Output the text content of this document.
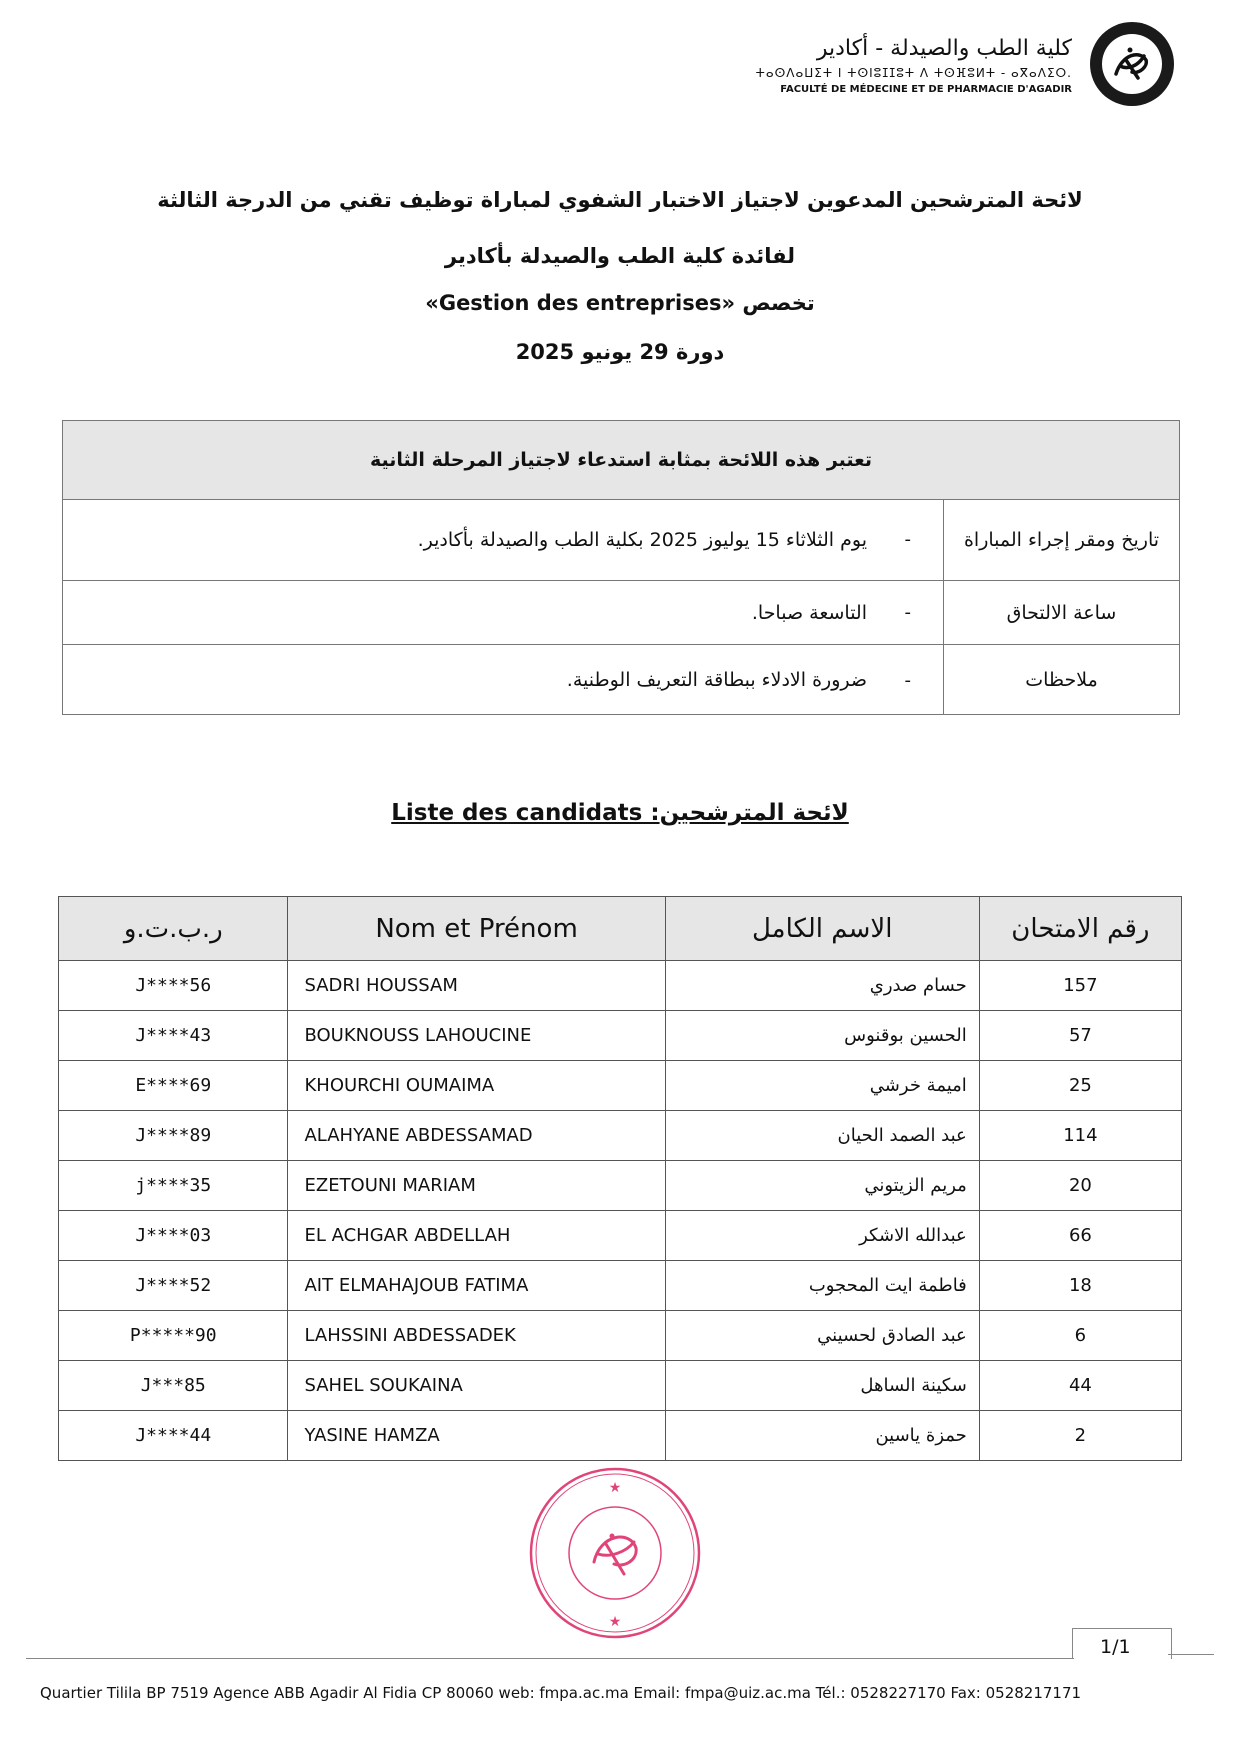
كلية الطب والصيدلة - أكادير
ⵜⴰⵙⴷⴰⵡⵉⵜ ⵏ ⵜⵙⵏⵓⵊⵊⵓⵜ ⴷ ⵜⵙⴼⵓⵍⵜ - ⴰⴳⴰⴷⵉⵔ.
FACULTÉ DE MÉDECINE ET DE PHARMACIE D'AGADIR
لائحة المترشحين المدعوين لاجتياز الاختبار الشفوي لمباراة توظيف تقني من الدرجة الثالثة
لفائدة كلية الطب والصيدلة بأكادير
تخصص «Gestion des entreprises»
دورة 29 يونيو 2025
تعتبر هذه اللائحة بمثابة استدعاء لاجتياز المرحلة الثانية
تاريخ ومقر إجراء المباراة
-
يوم الثلاثاء 15 يوليوز 2025 بكلية الطب والصيدلة بأكادير.
ساعة الالتحاق
-
التاسعة صباحا.
ملاحظات
-
ضرورة الادلاء ببطاقة التعريف الوطنية.
Liste des candidats :لائحة المترشحين
ر.ب.ت.و	Nom et Prénom	الاسم الكامل	رقم الامتحان
J****56	SADRI HOUSSAM	حسام صدري	157
J****43	BOUKNOUSS LAHOUCINE	الحسين بوقنوس	57
E****69	KHOURCHI OUMAIMA	اميمة خرشي	25
J****89	ALAHYANE ABDESSAMAD	عبد الصمد الحيان	114
j****35	EZETOUNI MARIAM	مريم الزيتوني	20
J****03	EL ACHGAR ABDELLAH	عبدالله الاشكر	66
J****52	AIT ELMAHAJOUB FATIMA	فاطمة ايت المحجوب	18
P*****90	LAHSSINI ABDESSADEK	عبد الصادق لحسيني	6
J***85	SAHEL SOUKAINA	سكينة الساهل	44
J****44	YASINE HAMZA	حمزة ياسين	2
★
★
1/1
Quartier Tilila BP 7519 Agence ABB Agadir Al Fidia CP 80060 web: fmpa.ac.ma Email: fmpa@uiz.ac.ma Tél.: 0528227170 Fax: 0528217171
